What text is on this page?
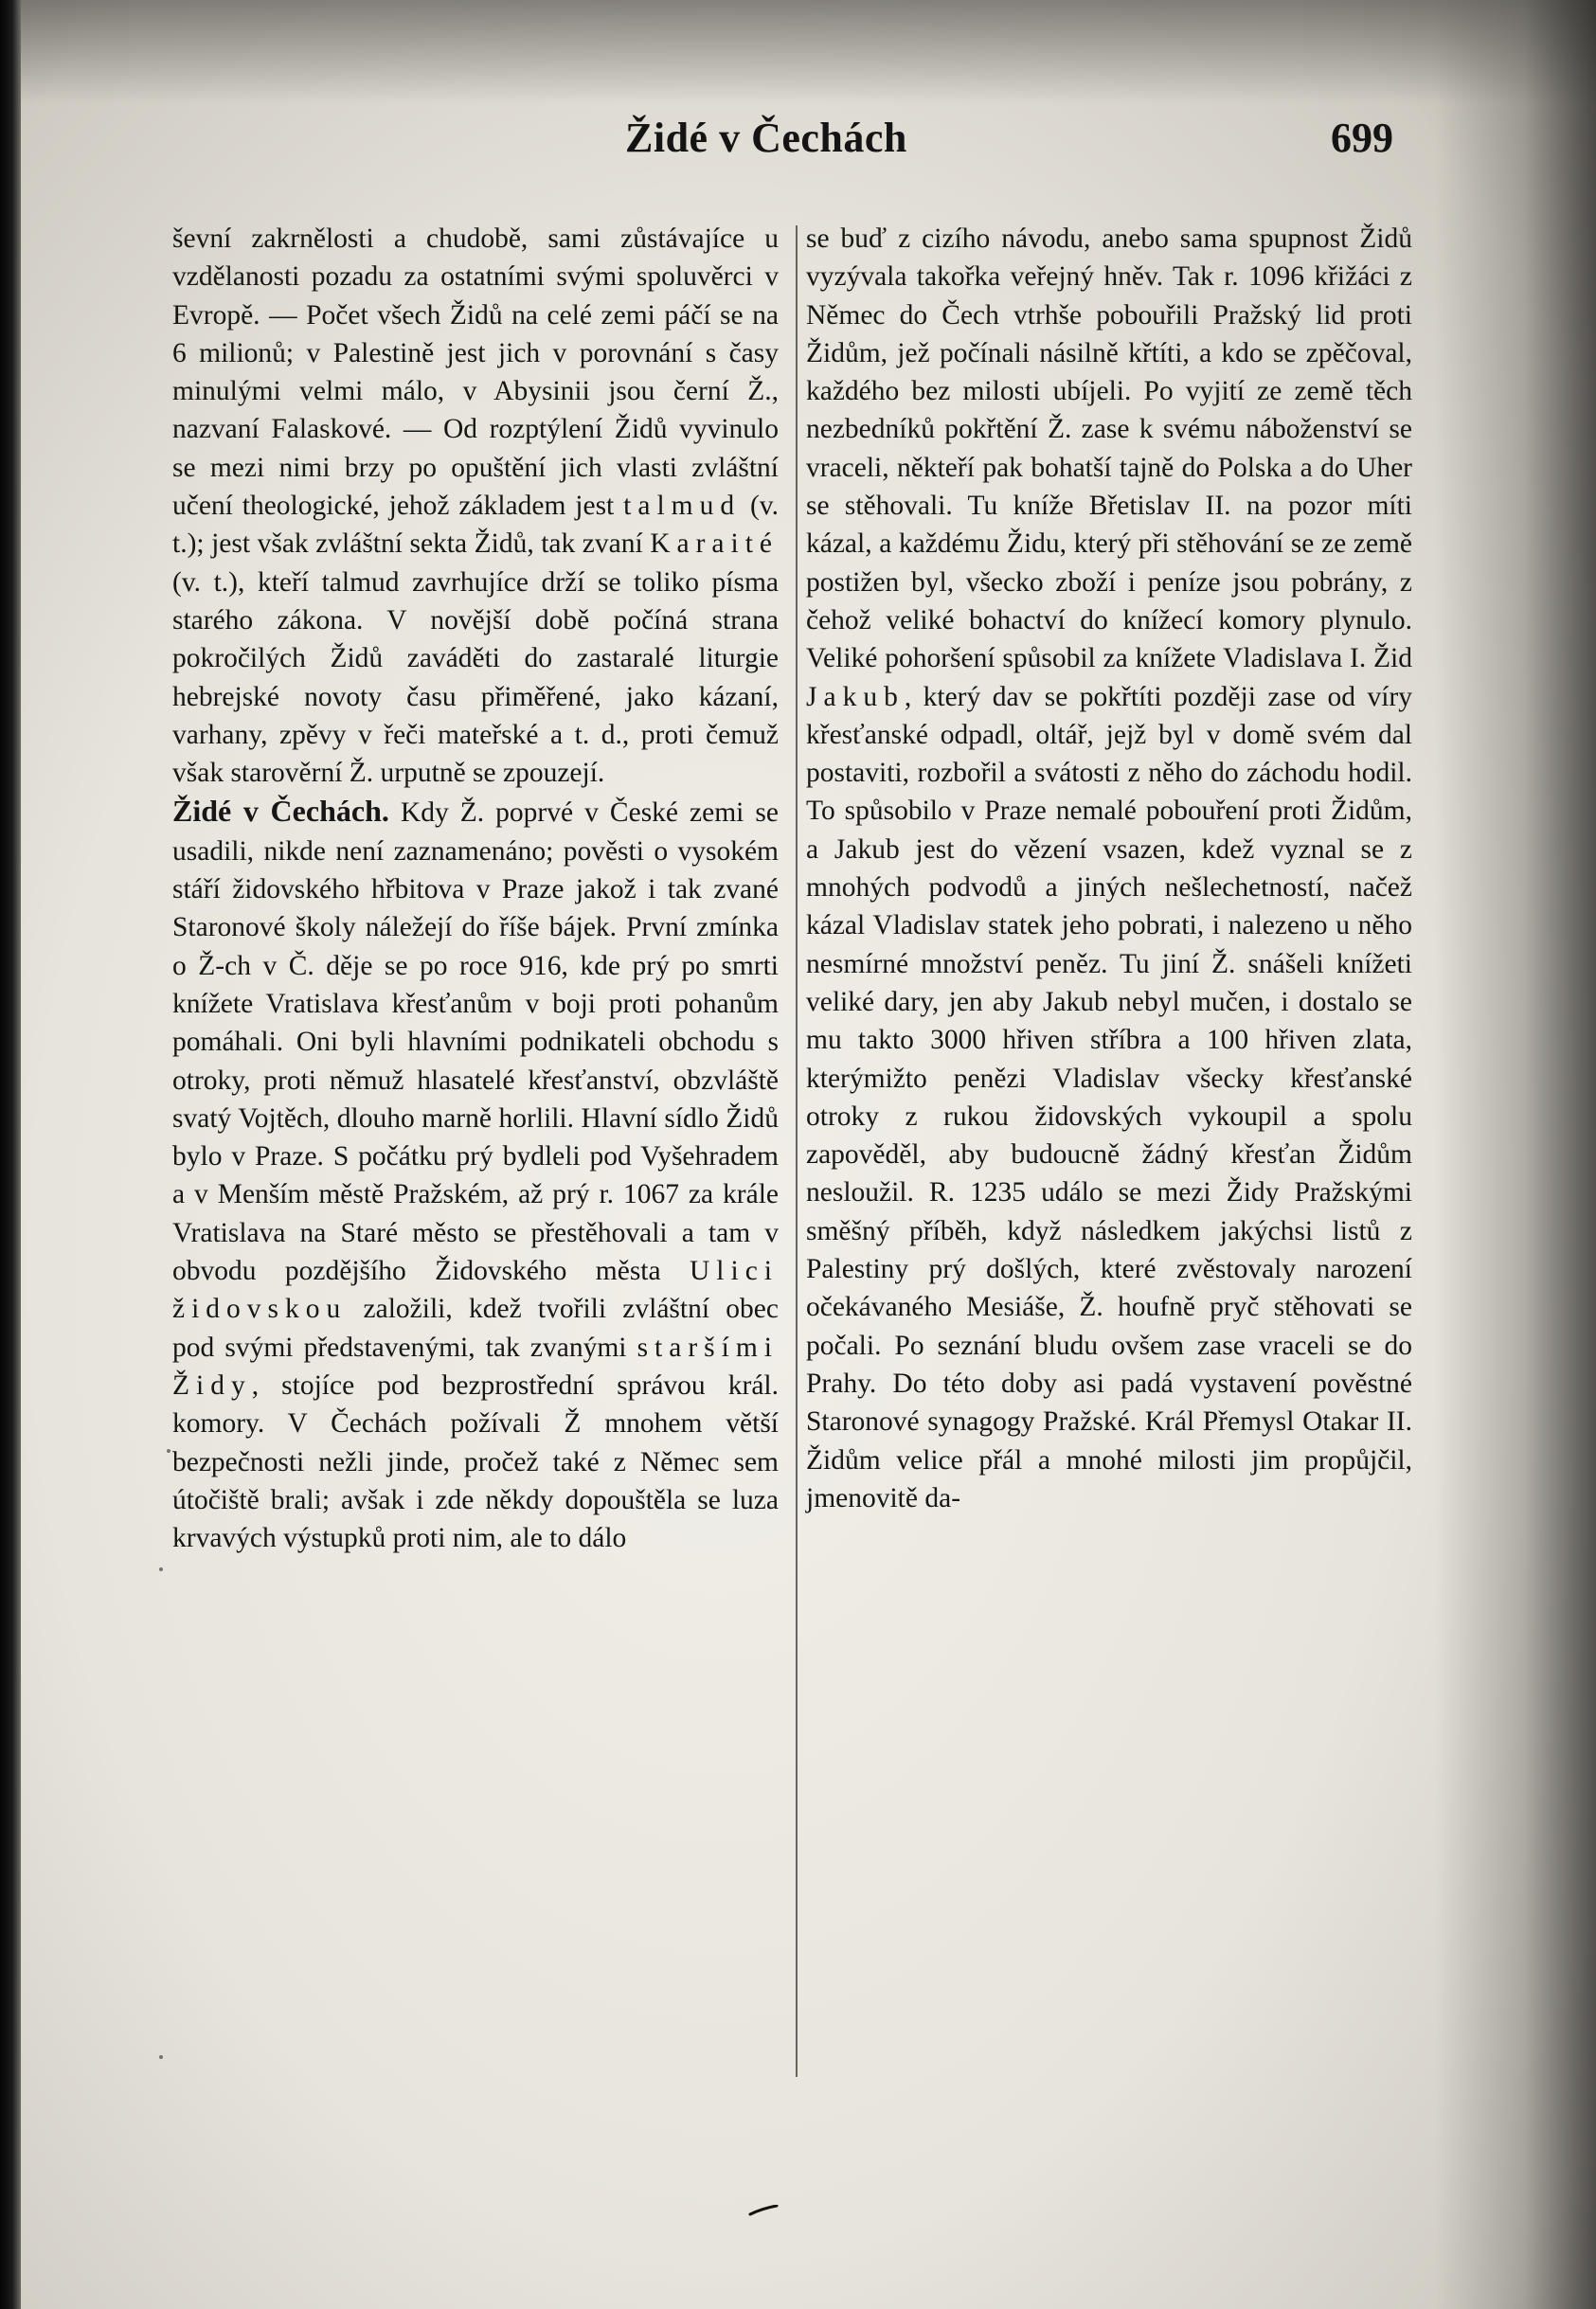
Židé v Čechách	699

ševní zakrnělosti a chudobě, sami zůstávajíce u vzdělanosti pozadu za ostatními svými spoluvěrci v Evropě. — Počet všech Židů na celé zemi páčí se na 6 milionů; v Palestině jest jich v porovnání s časy minulými velmi málo, v Abysinii jsou černí Ž., nazvaní Falaskové. — Od rozptýlení Židů vyvinulo se mezi nimi brzy po opuštění jich vlasti zvláštní učení theologické, jehož základem jest talmud (v. t.); jest však zvláštní sekta Židů, tak zvaní Karaité (v. t.), kteří talmud zavrhujíce drží se toliko písma starého zákona. V novější době počíná strana pokročilých Židů zaváděti do zastaralé liturgie hebrejské novoty času přiměřené, jako kázaní, varhany, zpěvy v řeči mateřské a t. d., proti čemuž však starověrní Ž. urputně se zpouzejí.

Židé v Čechách. Kdy Ž. poprvé v České zemi se usadili, nikde není zaznamenáno; pověsti o vysokém stáří židovského hřbitova v Praze jakož i tak zvané Staronové školy náležejí do říše bájek. První zmínka o Ž-ch v Č. děje se po roce 916, kde prý po smrti knížete Vratislava křesťanům v boji proti pohanům pomáhali. Oni byli hlavními podnikateli obchodu s otroky, proti němuž hlasatelé křesťanství, obzvláště svatý Vojtěch, dlouho marně horlili. Hlavní sídlo Židů bylo v Praze. S počátku prý bydleli pod Vyšehradem a v Menším městě Pražském, až prý r. 1067 za krále Vratislava na Staré město se přestěhovali a tam v obvodu pozdějšího Židovského města Ulici židovskou založili, kdež tvořili zvláštní obec pod svými představenými, tak zvanými staršími Židy, stojíce pod bezprostřední správou král. komory. V Čechách požívali Ž mnohem větší bezpečnosti nežli jinde, pročež také z Němec sem útočiště brali; avšak i zde někdy dopouštěla se luza krvavých výstupků proti nim, ale to dálo

se buď z cizího návodu, anebo sama spupnost Židů vyzývala takořka veřejný hněv. Tak r. 1096 křižáci z Němec do Čech vtrhše pobouřili Pražský lid proti Židům, jež počínali násilně křtíti, a kdo se zpěčoval, každého bez milosti ubíjeli. Po vyjití ze země těch nezbedníků pokřtění Ž. zase k svému náboženství se vraceli, někteří pak bohatší tajně do Polska a do Uher se stěhovali. Tu kníže Břetislav II. na pozor míti kázal, a každému Židu, který při stěhování se ze země postižen byl, všecko zboží i peníze jsou pobrány, z čehož veliké bohactví do knížecí komory plynulo. Veliké pohoršení spůsobil za knížete Vladislava I. Žid Jakub, který dav se pokřtíti později zase od víry křesťanské odpadl, oltář, jejž byl v domě svém dal postaviti, rozbořil a svátosti z něho do záchodu hodil. To spůsobilo v Praze nemalé pobouření proti Židům, a Jakub jest do vězení vsazen, kdež vyznal se z mnohých podvodů a jiných nešlechetností, načež kázal Vladislav statek jeho pobrati, i nalezeno u něho nesmírné množství peněz. Tu jiní Ž. snášeli knížeti veliké dary, jen aby Jakub nebyl mučen, i dostalo se mu takto 3000 hřiven stříbra a 100 hřiven zlata, kterýmižto penězi Vladislav všecky křesťanské otroky z rukou židovských vykoupil a spolu zapověděl, aby budoucně žádný křesťan Židům nesloužil. R. 1235 událo se mezi Židy Pražskými směšný příběh, když následkem jakýchsi listů z Palestiny prý došlých, které zvěstovaly narození očekávaného Mesiáše, Ž. houfně pryč stěhovati se počali. Po seznání bludu ovšem zase vraceli se do Prahy. Do této doby asi padá vystavení pověstné Staronové synagogy Pražské. Král Přemysl Otakar II. Židům velice přál a mnohé milosti jim propůjčil, jmenovitě da-
